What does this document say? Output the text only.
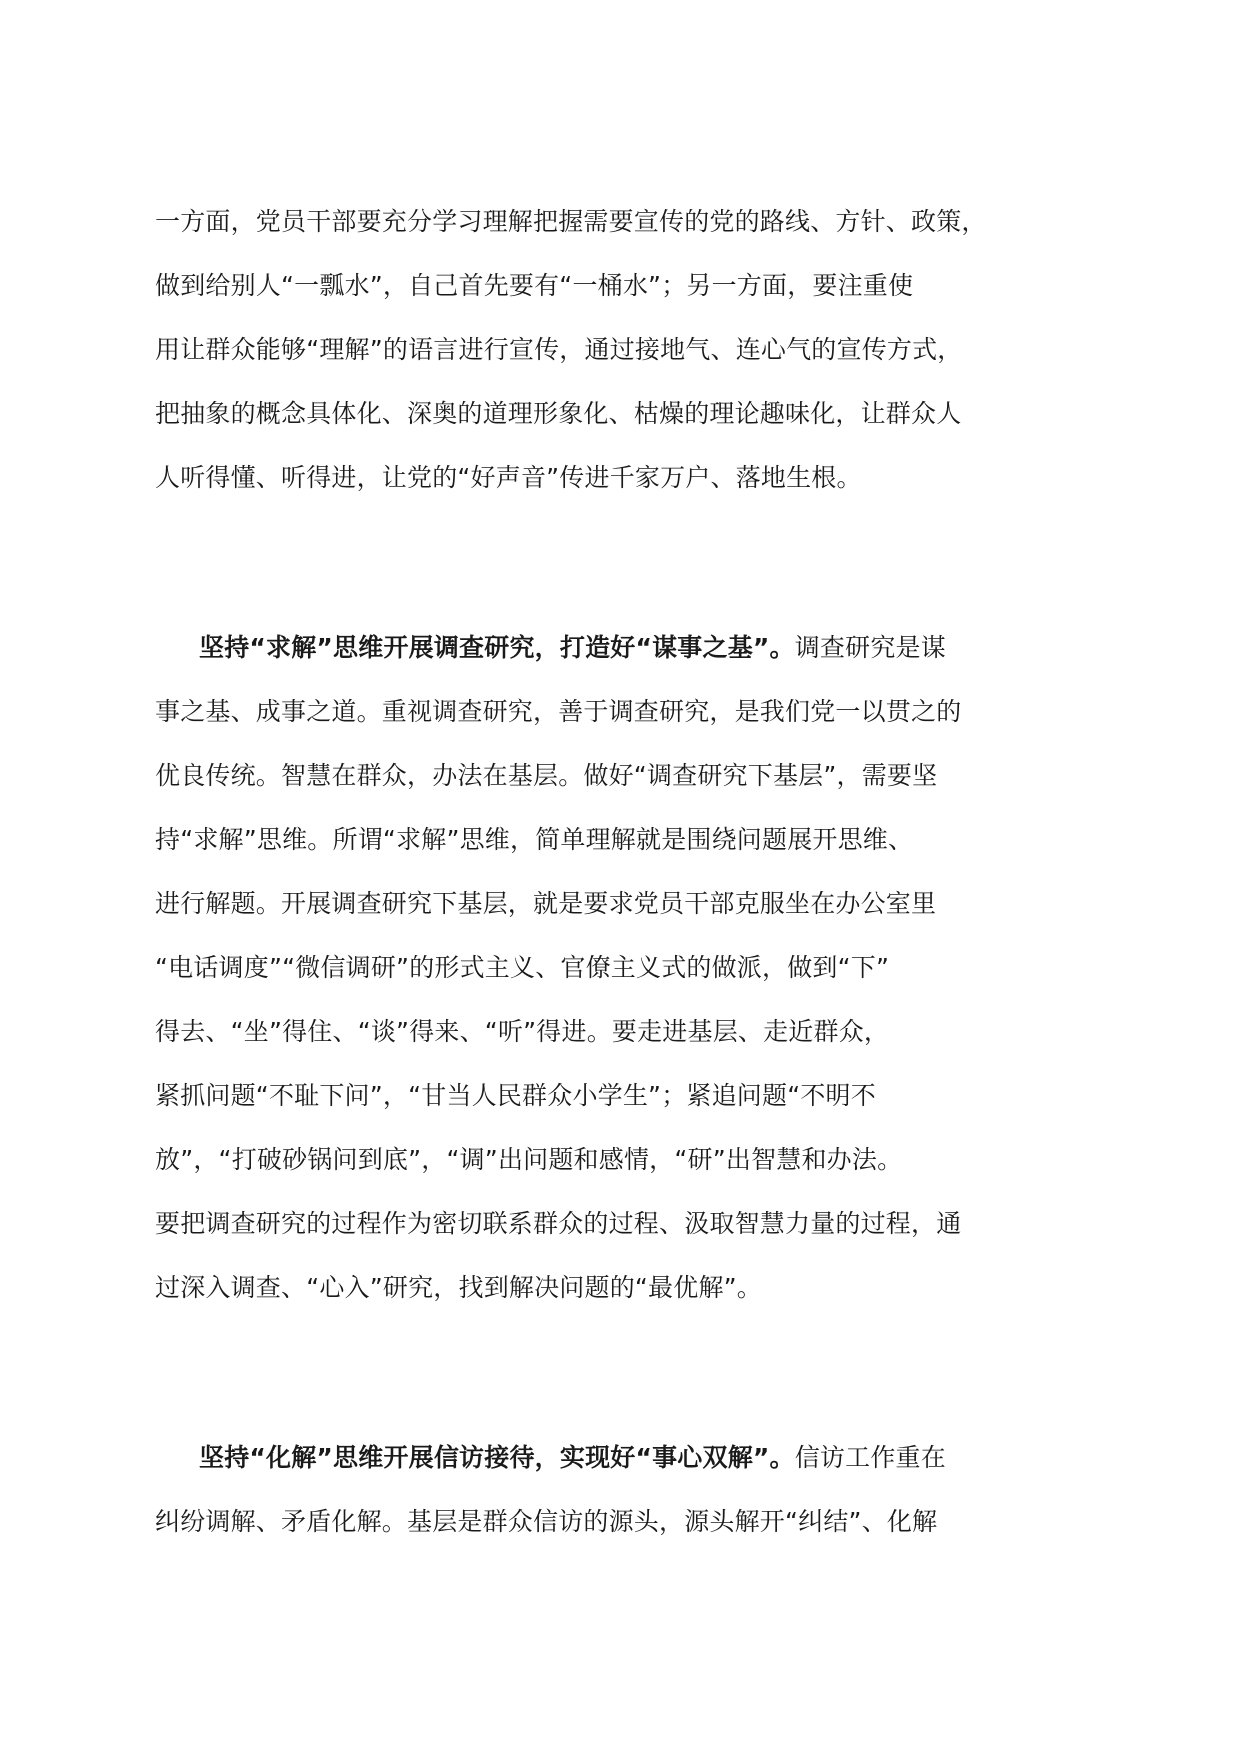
一方面，党员干部要充分学习理解把握需要宣传的党的路线、方针、政策，
做到给别人“一瓢水”，自己首先要有“一桶水”；另一方面，要注重使
用让群众能够“理解”的语言进行宣传，通过接地气、连心气的宣传方式，
把抽象的概念具体化、深奥的道理形象化、枯燥的理论趣味化，让群众人
人听得懂、听得进，让党的“好声音”传进千家万户、落地生根。
坚持“求解”思维开展调查研究，打造好“谋事之基”。调查研究是谋
事之基、成事之道。重视调查研究，善于调查研究，是我们党一以贯之的
优良传统。智慧在群众，办法在基层。做好“调查研究下基层”，需要坚
持“求解”思维。所谓“求解”思维，简单理解就是围绕问题展开思维、
进行解题。开展调查研究下基层，就是要求党员干部克服坐在办公室里
“电话调度”“微信调研”的形式主义、官僚主义式的做派，做到“下”
得去、“坐”得住、“谈”得来、“听”得进。要走进基层、走近群众，
紧抓问题“不耻下问”，“甘当人民群众小学生”；紧追问题“不明不
放”，“打破砂锅问到底”，“调”出问题和感情，“研”出智慧和办法。
要把调查研究的过程作为密切联系群众的过程、汲取智慧力量的过程，通
过深入调查、“心入”研究，找到解决问题的“最优解”。
坚持“化解”思维开展信访接待，实现好“事心双解”。信访工作重在
纠纷调解、矛盾化解。基层是群众信访的源头，源头解开“纠结”、化解
